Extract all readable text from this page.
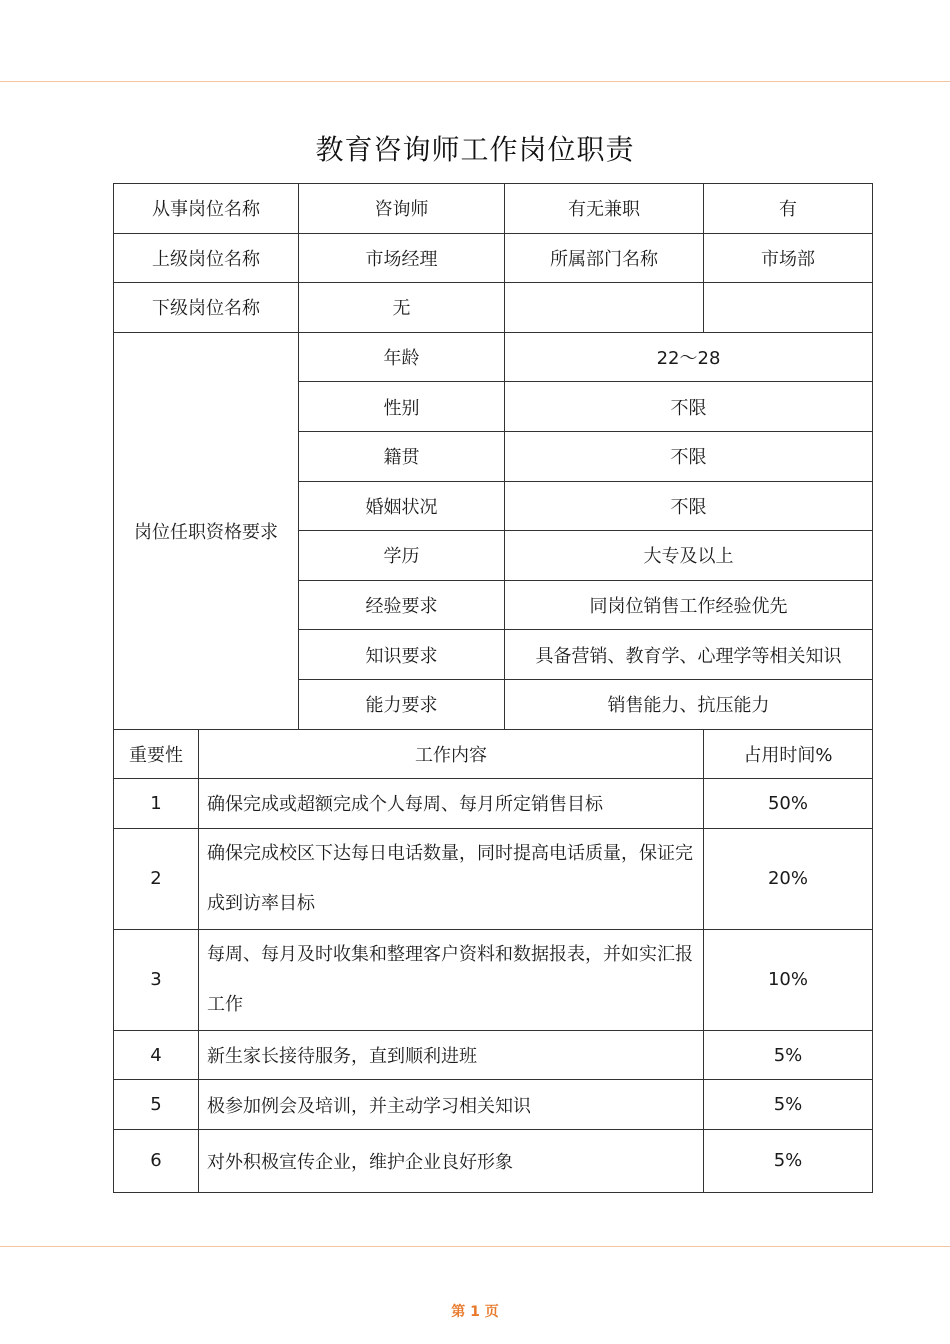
教育咨询师工作岗位职责
从事岗位名称		咨询师	有无兼职	有
上级岗位名称		市场经理	所属部门名称	市场部
下级岗位名称		无		
岗位任职资格要求		年龄	22～28	
		性别	不限	
		籍贯	不限	
		婚姻状况	不限	
		学历	大专及以上	
		经验要求	同岗位销售工作经验优先	
		知识要求	具备营销、教育学、心理学等相关知识	
		能力要求	销售能力、抗压能力	
重要性	工作内容			占用时间%
1	确保完成或超额完成个人每周、每月所定销售目标			50%
2	确保完成校区下达每日电话数量，同时提高电话质量，保证完成到访率目标			20%
3	每周、每月及时收集和整理客户资料和数据报表，并如实汇报工作			10%
4	新生家长接待服务，直到顺利进班			5%
5	极参加例会及培训，并主动学习相关知识			5%
6	对外积极宣传企业，维护企业良好形象			5%
第 1 页
